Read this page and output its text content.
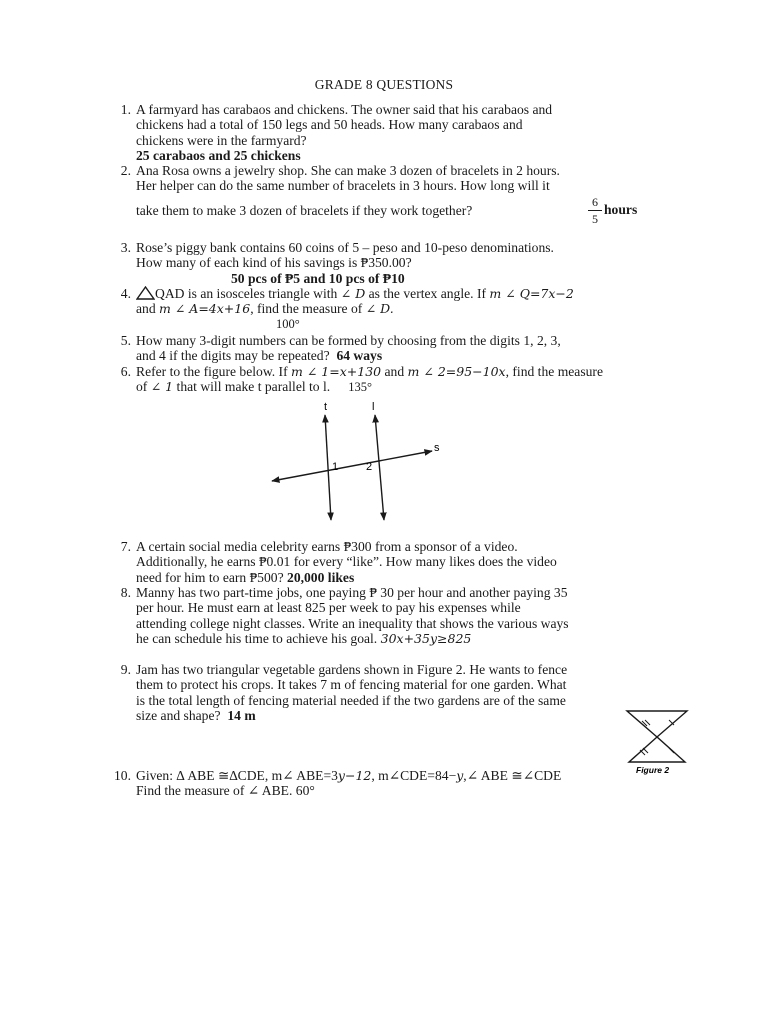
GRADE 8 QUESTIONS
1. A farmyard has carabaos and chickens. The owner said that his carabaos and
chickens had a total of 150 legs and 50 heads. How many carabaos and
chickens were in the farmyard?
25 carabaos and 25 chickens
2. Ana Rosa owns a jewelry shop. She can make 3 dozen of bracelets in 2 hours.
Her helper can do the same number of bracelets in 3 hours. How long will it
take them to make 3 dozen of bracelets if they work together?
6
5
hours
3. Rose’s piggy bank contains 60 coins of 5 – peso and 10-peso denominations.
How many of each kind of his savings is ₱350.00?
50 pcs of ₱5 and 10 pcs of ₱10
4.	QAD is an isosceles triangle with ∠ D as the vertex angle. If m ∠ Q=7x−2
and m ∠ A=4x+16, find the measure of ∠ D.
100°
5. How many 3-digit numbers can be formed by choosing from the digits 1, 2, 3,
and 4 if the digits may be repeated? 64 ways
6. Refer to the figure below. If m ∠ 1=x+130 and m ∠ 2=95−10x, find the measure
of ∠ 1 that will make t parallel to l. 135°
t	l
s
1	2
7. A certain social media celebrity earns ₱300 from a sponsor of a video.
Additionally, he earns ₱0.01 for every “like”. How many likes does the video
need for him to earn ₱500? 20,000 likes
8. Manny has two part-time jobs, one paying ₱ 30 per hour and another paying 35
per hour. He must earn at least 825 per week to pay his expenses while
attending college night classes. Write an inequality that shows the various ways
he can schedule his time to achieve his goal. 30x+35y≥825
9. Jam has two triangular vegetable gardens shown in Figure 2. He wants to fence
them to protect his crops. It takes 7 m of fencing material for one garden. What
is the total length of fencing material needed if the two gardens are of the same
size and shape? 14 m
Figure 2
10. Given: ∆ ABE ≅∆CDE, m∠ ABE=3y−12, m∠CDE=84−y,∠ ABE ≅∠CDE
Find the measure of ∠ ABE. 60°
